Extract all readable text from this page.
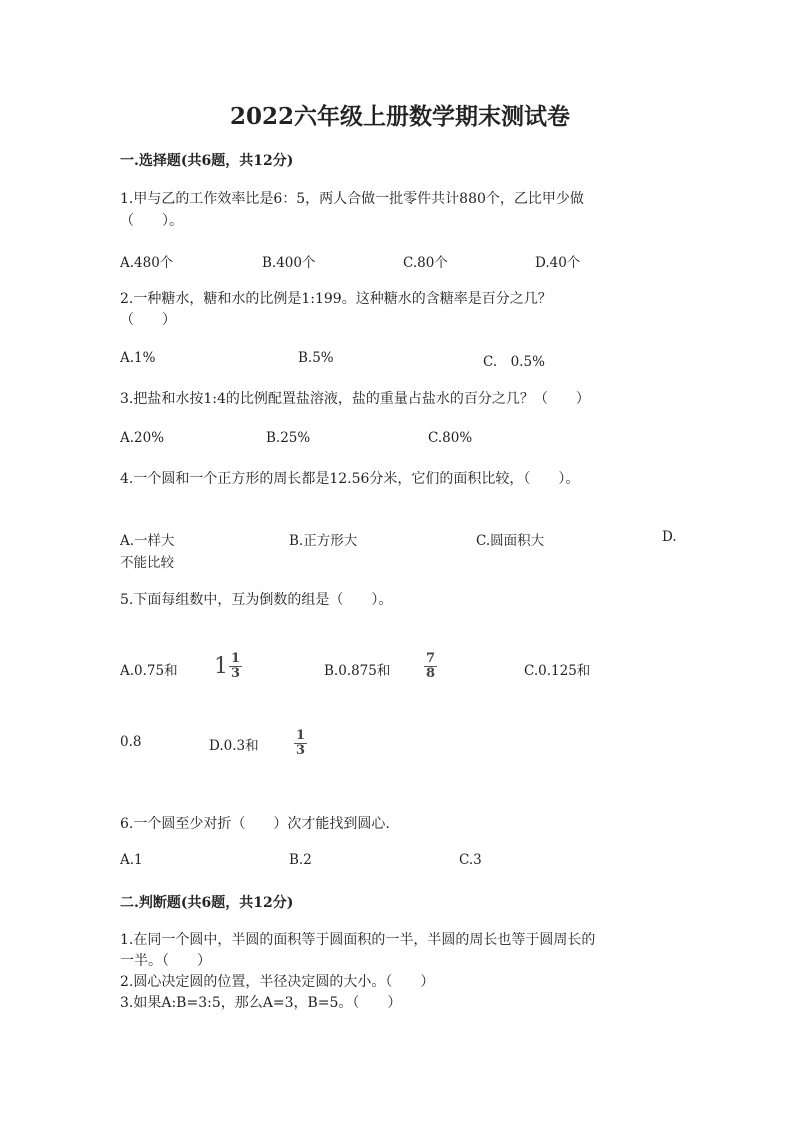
2022六年级上册数学期末测试卷
一.选择题(共6题，共12分)
1.甲与乙的工作效率比是6：5，两人合做一批零件共计880个，乙比甲少做
（　　）。
A.480个	B.400个	C.80个	D.40个
2.一种糖水，糖和水的比例是1:199。这种糖水的含糖率是百分之几？
（　　）
A.1%	B.5%	C.　0.5%
3.把盐和水按1:4的比例配置盐溶液，盐的重量占盐水的百分之几？（　　）
A.20%	B.25%	C.80%
4.一个圆和一个正方形的周长都是12.56分米，它们的面积比较，（　　）。
A.一样大	B.正方形大	C.圆面积大	D.
不能比较
5.下面每组数中，互为倒数的组是（　　）。
A.0.75和 $1 \frac{1}{3}$	B.0.875和	$\frac{7}{8}$	C.0.125和
0.8	D.0.3和	$\frac{1}{3}$
6.一个圆至少对折（　　）次才能找到圆心.
A.1	B.2	C.3
二.判断题(共6题，共12分)
1.在同一个圆中，半圆的面积等于圆面积的一半，半圆的周长也等于圆周长的
一半。（　　）
2.圆心决定圆的位置，半径决定圆的大小。（　　）
3.如果A:B=3:5，那么A=3，B=5。（　　）
